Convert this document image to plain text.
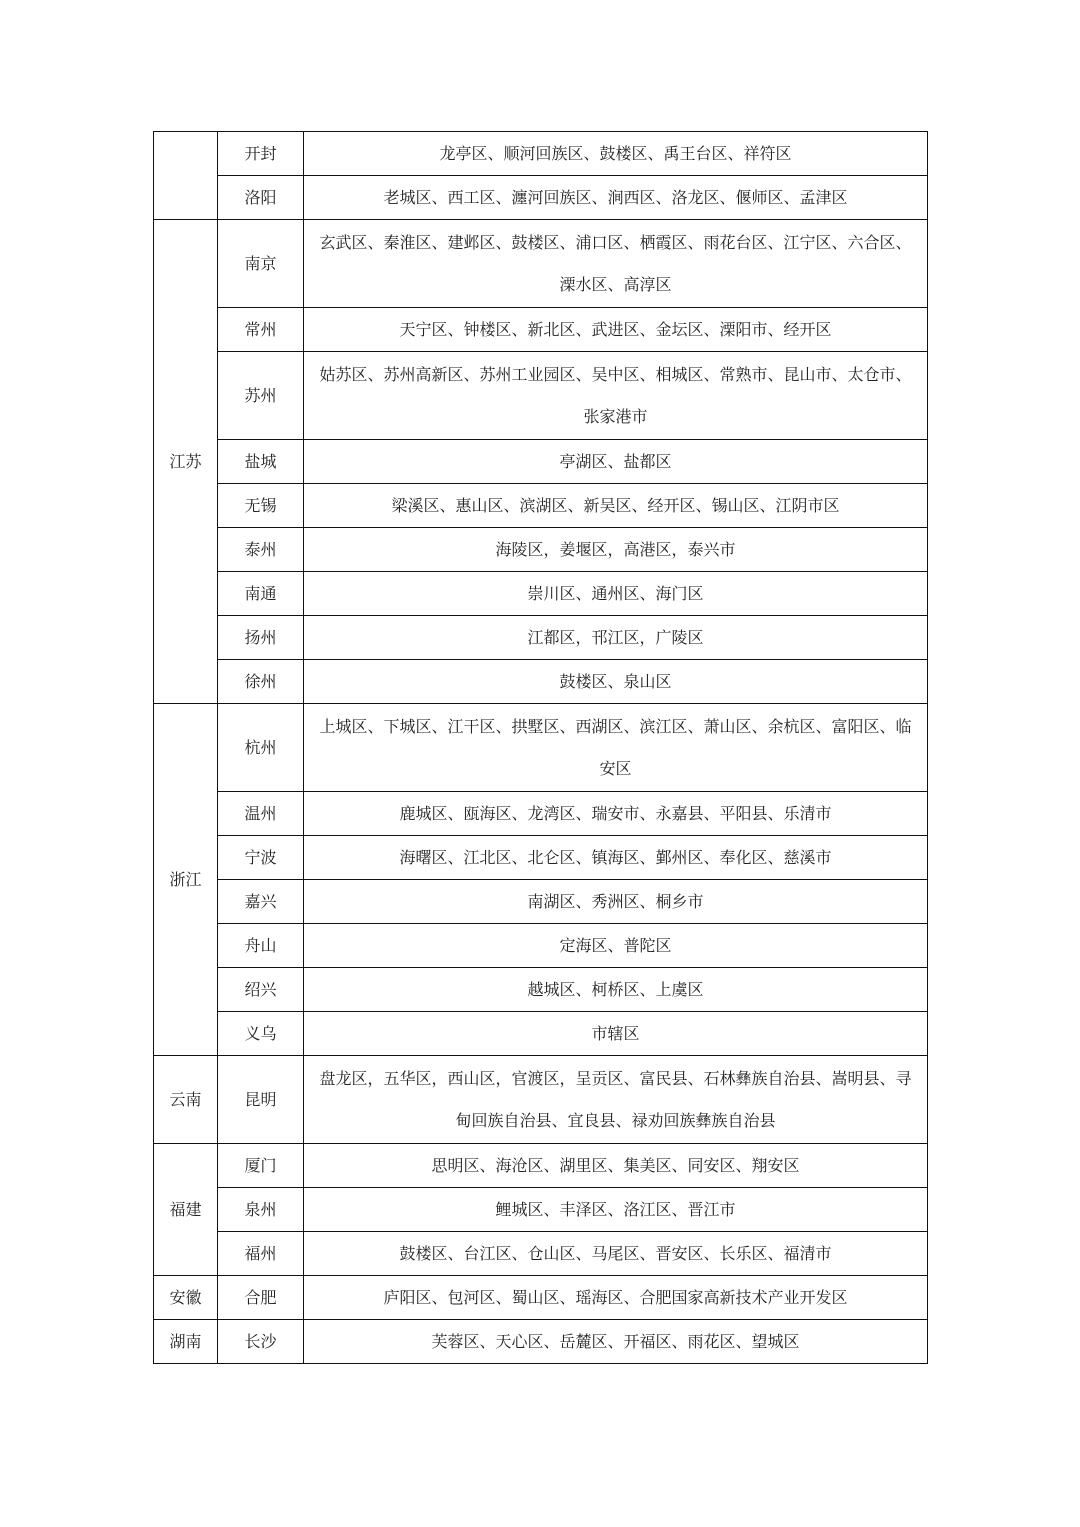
	开封	龙亭区、顺河回族区、鼓楼区、禹王台区、祥符区
	洛阳	老城区、西工区、瀍河回族区、涧西区、洛龙区、偃师区、孟津区
江苏	南京	玄武区、秦淮区、建邺区、鼓楼区、浦口区、栖霞区、雨花台区、江宁区、六合区、溧水区、高淳区
	常州	天宁区、钟楼区、新北区、武进区、金坛区、溧阳市、经开区
	苏州	姑苏区、苏州高新区、苏州工业园区、吴中区、相城区、常熟市、昆山市、太仓市、张家港市
	盐城	亭湖区、盐都区
	无锡	梁溪区、惠山区、滨湖区、新吴区、经开区、锡山区、江阴市区
	泰州	海陵区，姜堰区，高港区，泰兴市
	南通	崇川区、通州区、海门区
	扬州	江都区，邗江区，广陵区
	徐州	鼓楼区、泉山区
浙江	杭州	上城区、下城区、江干区、拱墅区、西湖区、滨江区、萧山区、余杭区、富阳区、临安区
	温州	鹿城区、瓯海区、龙湾区、瑞安市、永嘉县、平阳县、乐清市
	宁波	海曙区、江北区、北仑区、镇海区、鄞州区、奉化区、慈溪市
	嘉兴	南湖区、秀洲区、桐乡市
	舟山	定海区、普陀区
	绍兴	越城区、柯桥区、上虞区
	义乌	市辖区
云南	昆明	盘龙区，五华区，西山区，官渡区，呈贡区、富民县、石林彝族自治县、嵩明县、寻甸回族自治县、宜良县、禄劝回族彝族自治县
福建	厦门	思明区、海沧区、湖里区、集美区、同安区、翔安区
	泉州	鲤城区、丰泽区、洛江区、晋江市
	福州	鼓楼区、台江区、仓山区、马尾区、晋安区、长乐区、福清市
安徽	合肥	庐阳区、包河区、蜀山区、瑶海区、合肥国家高新技术产业开发区
湖南	长沙	芙蓉区、天心区、岳麓区、开福区、雨花区、望城区
